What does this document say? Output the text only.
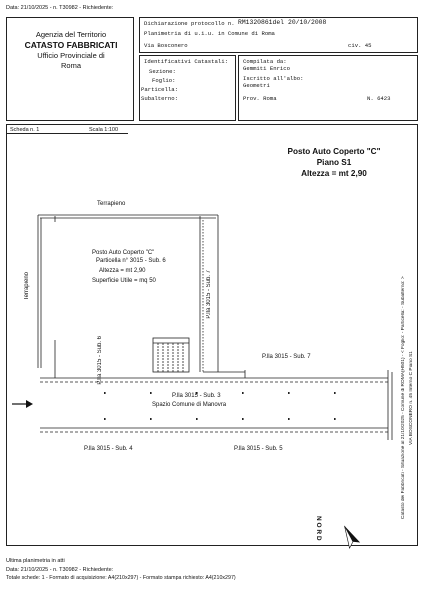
Data: 21/10/2025 - n. T30982 - Richiedente:
Agenzia del Territorio
CATASTO FABBRICATI
Ufficio Provinciale di
Roma
Dichiarazione protocollo n. RM1320861del 20/10/2008
Planimetria di u.i.u. in Comune di Roma
Via Bosconero	civ. 45
Identificativi Catastali:
Sezione:
Foglio:
Particella:
Subalterno:
Compilata da:
Gemmiti Enrico
Iscritto all'albo:
Geometri
Prov. Roma	N. 6423
Scheda n. 1	Scala 1:100
Posto Auto Coperto "C"
Piano S1
Altezza = mt 2,90
Terrapieno
Terrapieno
Posto Auto Coperto "C"
Particella n° 3015 - Sub. 6
Altezza = mt 2,90
Superficie Utile = mq 50	P.lla 3015 - Sub. 7
P.lla 3015 - Sub. 6	P.lla 3015 - Sub. 7
P.lla 3015 - Sub. 3
Spazio Comune di Manovra
P.lla 3015 - Sub. 4	P.lla 3015 - Sub. 5
N O R D
Catasto dei Fabbricati - Situazione al 21/10/2025 - Comune di ROMA(H501) - < Foglio: - Particella: - Subalterno: > VIA BOSCONERO n. 45 Interno C Piano S1
Ultima planimetria in atti
Data: 21/10/2025 - n. T30982 - Richiedente:
Totale schede: 1 - Formato di acquisizione: A4(210x297) - Formato stampa richiesto: A4(210x297)
